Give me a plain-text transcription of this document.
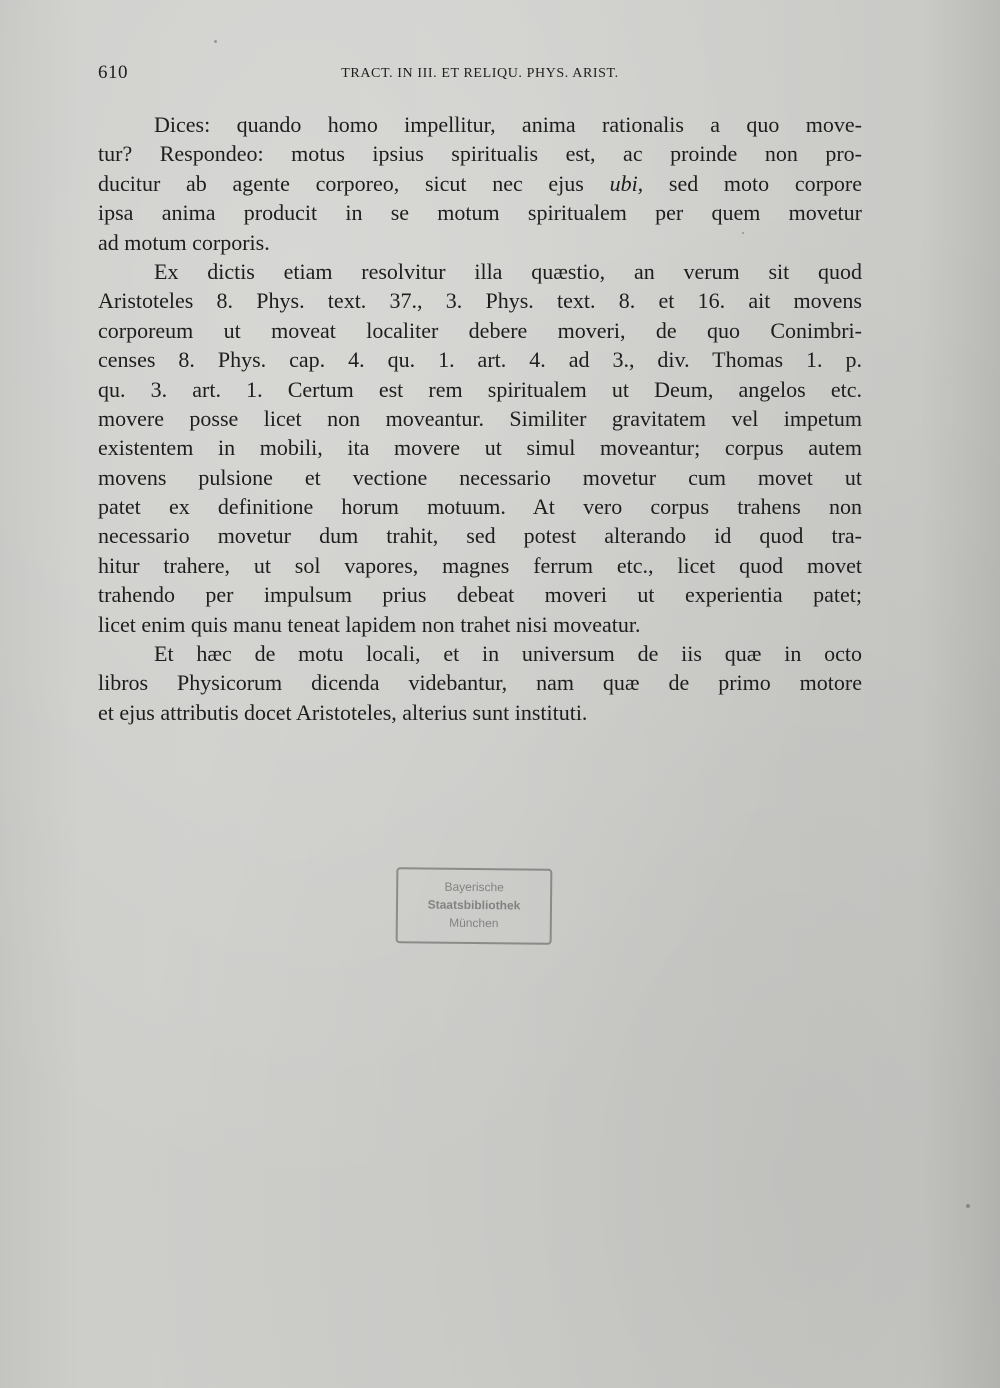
610	TRACT. IN III. ET RELIQU. PHYS. ARIST.
Dices: quando homo impellitur, anima rationalis a quo move-
tur? Respondeo: motus ipsius spiritualis est, ac proinde non pro-
ducitur ab agente corporeo, sicut nec ejus ubi, sed moto corpore
ipsa anima producit in se motum spiritualem per quem movetur
ad motum corporis.
Ex dictis etiam resolvitur illa quæstio, an verum sit quod
Aristoteles 8. Phys. text. 37., 3. Phys. text. 8. et 16. ait movens
corporeum ut moveat localiter debere moveri, de quo Conimbri-
censes 8. Phys. cap. 4. qu. 1. art. 4. ad 3., div. Thomas 1. p.
qu. 3. art. 1. Certum est rem spiritualem ut Deum, angelos etc.
movere posse licet non moveantur. Similiter gravitatem vel impetum
existentem in mobili, ita movere ut simul moveantur; corpus autem
movens pulsione et vectione necessario movetur cum movet ut
patet ex definitione horum motuum. At vero corpus trahens non
necessario movetur dum trahit, sed potest alterando id quod tra-
hitur trahere, ut sol vapores, magnes ferrum etc., licet quod movet
trahendo per impulsum prius debeat moveri ut experientia patet;
licet enim quis manu teneat lapidem non trahet nisi moveatur.
Et hæc de motu locali, et in universum de iis quæ in octo
libros Physicorum dicenda videbantur, nam quæ de primo motore
et ejus attributis docet Aristoteles, alterius sunt instituti.
Bayerische
Staatsbibliothek
München
